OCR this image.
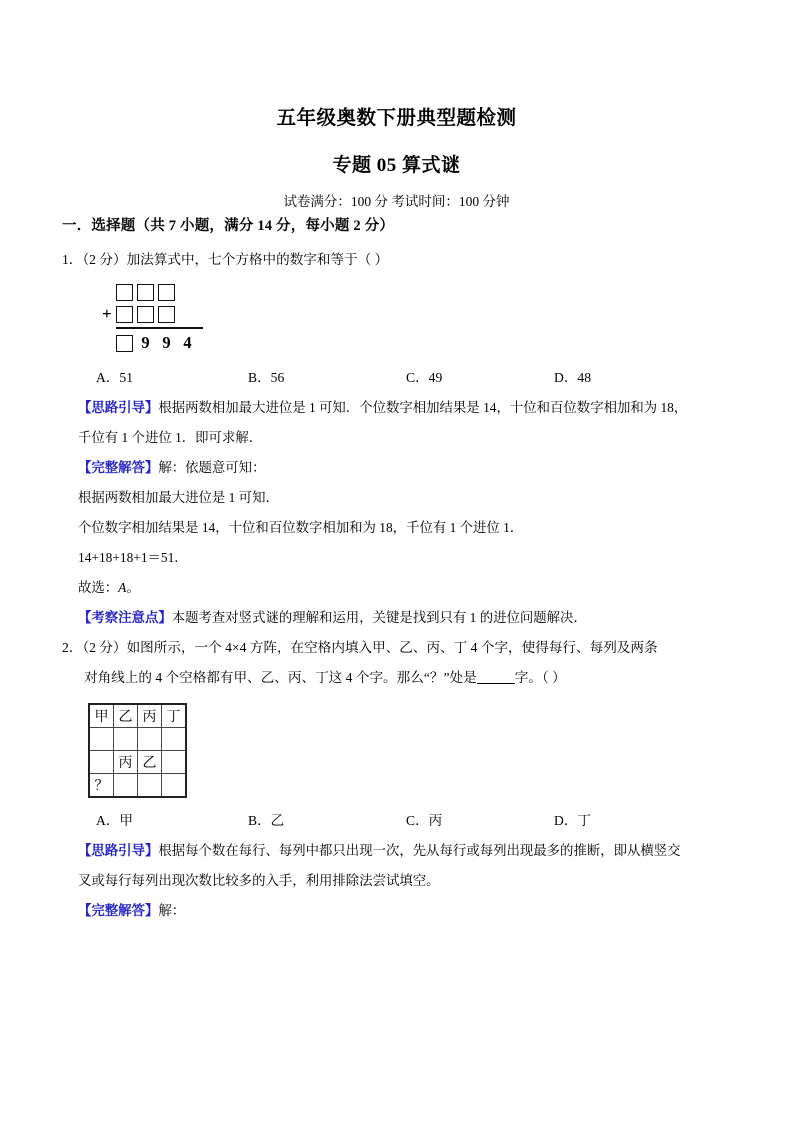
五年级奥数下册典型题检测
专题 05 算式谜
试卷满分：100 分 考试时间：100 分钟
一．选择题（共 7 小题，满分 14 分，每小题 2 分）
1．（2 分）加法算式中，七个方格中的数字和等于（ ）
+
9 9 4
A．51	B．56	C．49	D．48
【思路引导】根据两数相加最大进位是 1 可知．个位数字相加结果是 14，十位和百位数字相加和为 18，
千位有 1 个进位 1．即可求解．
【完整解答】解：依题意可知：
根据两数相加最大进位是 1 可知．
个位数字相加结果是 14，十位和百位数字相加和为 18，千位有 1 个进位 1．
14+18+18+1＝51．
故选：A。
【考察注意点】本题考查对竖式谜的理解和运用，关键是找到只有 1 的进位问题解决．
2．（2 分）如图所示，一个 4×4 方阵，在空格内填入甲、乙、丙、丁 4 个字，使得每行、每列及两条
对角线上的 4 个空格都有甲、乙、丙、丁这 4 个字。那么“？”处是	字。（ ）
甲	乙	丙	丁

	丙	乙	
？			
A．甲	B．乙	C．丙	D．丁
【思路引导】根据每个数在每行、每列中都只出现一次，先从每行或每列出现最多的推断，即从横竖交
叉或每行每列出现次数比较多的入手，利用排除法尝试填空。
【完整解答】解：
